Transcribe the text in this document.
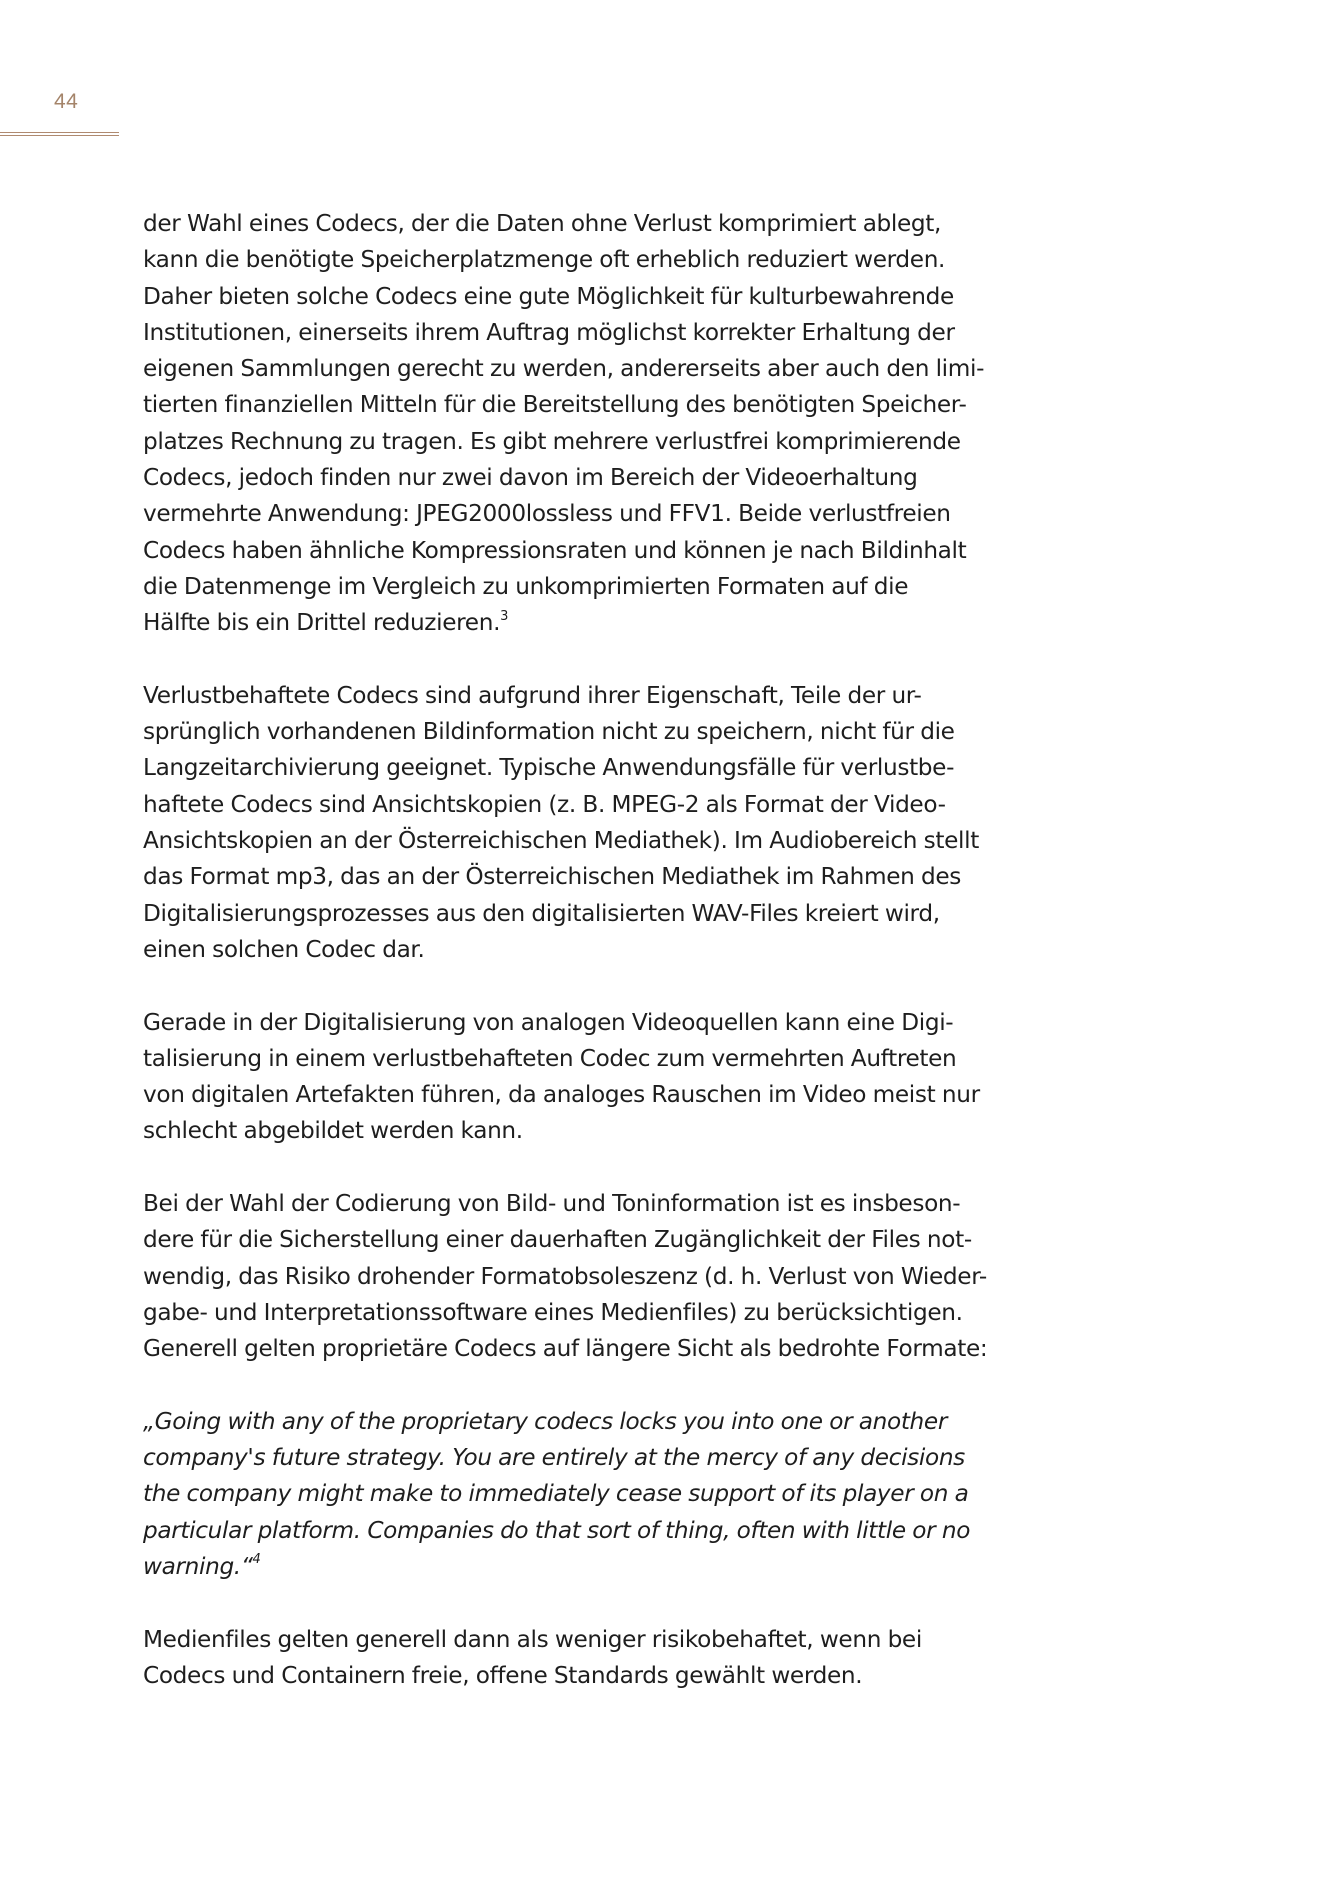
44

der Wahl eines Codecs, der die Daten ohne Verlust komprimiert ablegt,
kann die benötigte Speicherplatzmenge oft erheblich reduziert werden.
Daher bieten solche Codecs eine gute Möglichkeit für kulturbewahrende
Institutionen, einerseits ihrem Auftrag möglichst korrekter Erhaltung der
eigenen Sammlungen gerecht zu werden, andererseits aber auch den limi-
tierten finanziellen Mitteln für die Bereitstellung des benötigten Speicher-
platzes Rechnung zu tragen. Es gibt mehrere verlustfrei komprimierende
Codecs, jedoch finden nur zwei davon im Bereich der Videoerhaltung
vermehrte Anwendung: JPEG2000lossless und FFV1. Beide verlustfreien
Codecs haben ähnliche Kompressionsraten und können je nach Bildinhalt
die Datenmenge im Vergleich zu unkomprimierten Formaten auf die
Hälfte bis ein Drittel reduzieren.$^3$

Verlustbehaftete Codecs sind aufgrund ihrer Eigenschaft, Teile der ur-
sprünglich vorhandenen Bildinformation nicht zu speichern, nicht für die
Langzeitarchivierung geeignet. Typische Anwendungsfälle für verlustbe-
haftete Codecs sind Ansichtskopien (z. B. MPEG-2 als Format der Video-
Ansichtskopien an der Österreichischen Mediathek). Im Audiobereich stellt
das Format mp3, das an der Österreichischen Mediathek im Rahmen des
Digitalisierungsprozesses aus den digitalisierten WAV-Files kreiert wird,
einen solchen Codec dar.

Gerade in der Digitalisierung von analogen Videoquellen kann eine Digi-
talisierung in einem verlustbehafteten Codec zum vermehrten Auftreten
von digitalen Artefakten führen, da analoges Rauschen im Video meist nur
schlecht abgebildet werden kann.

Bei der Wahl der Codierung von Bild- und Toninformation ist es insbeson-
dere für die Sicherstellung einer dauerhaften Zugänglichkeit der Files not-
wendig, das Risiko drohender Formatobsoleszenz (d. h. Verlust von Wieder-
gabe- und Interpretationssoftware eines Medienfiles) zu berücksichtigen.
Generell gelten proprietäre Codecs auf längere Sicht als bedrohte Formate:

„Going with any of the proprietary codecs locks you into one or another
company's future strategy. You are entirely at the mercy of any decisions
the company might make to immediately cease support of its player on a
particular platform. Companies do that sort of thing, often with little or no
warning.“$^4$

Medienfiles gelten generell dann als weniger risikobehaftet, wenn bei
Codecs und Containern freie, offene Standards gewählt werden.
